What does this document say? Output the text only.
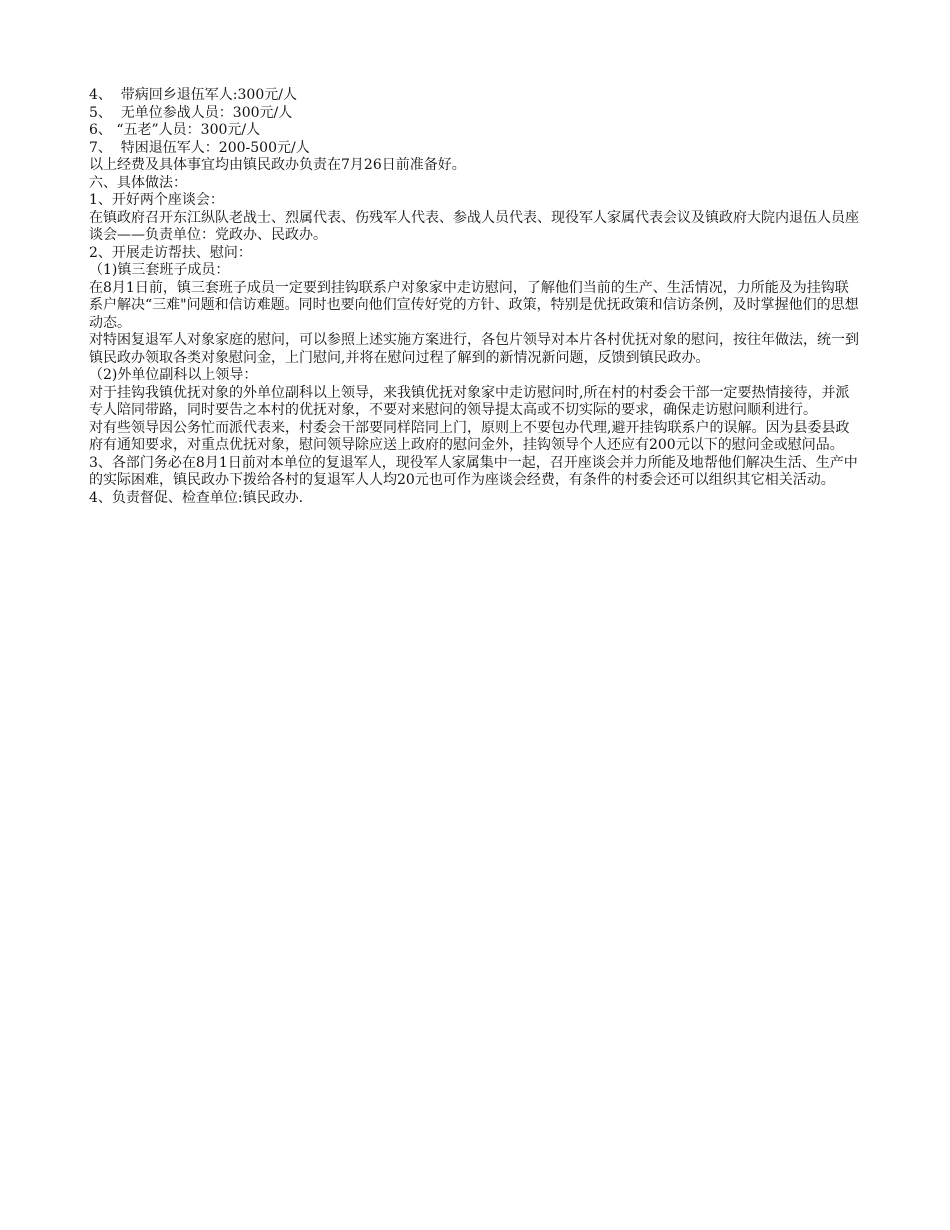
4、  带病回乡退伍军人:300元/人

5、  无单位参战人员：300元/人

6、 “五老”人员：300元/人

7、  特困退伍军人：200-500元/人

以上经费及具体事宜均由镇民政办负责在7月26日前准备好。

六、具体做法：

1、开好两个座谈会：

在镇政府召开东江纵队老战士、烈属代表、伤残军人代表、参战人员代表、现役军人家属代表会议及镇政府大院内退伍人员座谈会——负责单位：党政办、民政办。

2、开展走访帮扶、慰问：

（1)镇三套班子成员：

在8月1日前，镇三套班子成员一定要到挂钩联系户对象家中走访慰问，了解他们当前的生产、生活情况，力所能及为挂钩联系户解决“三难"问题和信访难题。同时也要向他们宣传好党的方针、政策，特别是优抚政策和信访条例，及时掌握他们的思想动态。

对特困复退军人对象家庭的慰问，可以参照上述实施方案进行，各包片领导对本片各村优抚对象的慰问，按往年做法，统一到镇民政办领取各类对象慰问金，上门慰问,并将在慰问过程了解到的新情况新问题，反馈到镇民政办。

（2)外单位副科以上领导：

对于挂钩我镇优抚对象的外单位副科以上领导，来我镇优抚对象家中走访慰问时,所在村的村委会干部一定要热情接待，并派专人陪同带路，同时要告之本村的优抚对象，不要对来慰问的领导提太高或不切实际的要求，确保走访慰问顺利进行。

对有些领导因公务忙而派代表来，村委会干部要同样陪同上门，原则上不要包办代理,避开挂钩联系户的误解。因为县委县政府有通知要求，对重点优抚对象，慰问领导除应送上政府的慰问金外，挂钩领导个人还应有200元以下的慰问金或慰问品。

3、各部门务必在8月1日前对本单位的复退军人，现役军人家属集中一起，召开座谈会并力所能及地帮他们解决生活、生产中的实际困难，镇民政办下拨给各村的复退军人人均20元也可作为座谈会经费，有条件的村委会还可以组织其它相关活动。

4、负责督促、检查单位:镇民政办.
